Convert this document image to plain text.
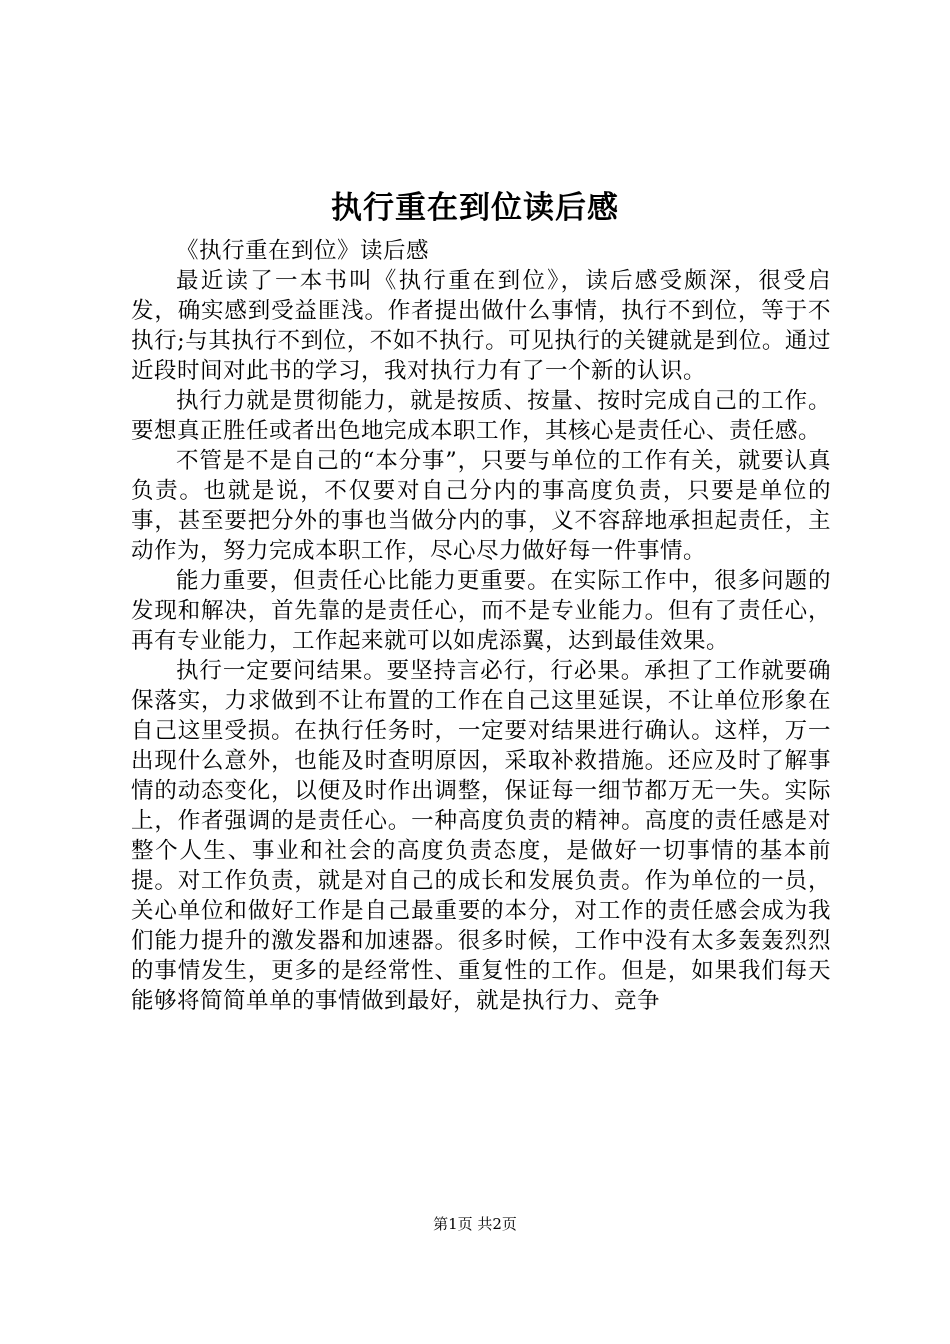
执行重在到位读后感

《执行重在到位》读后感

最近读了一本书叫《执行重在到位》，读后感受颇深，很受启发，确实感到受益匪浅。作者提出做什么事情，执行不到位，等于不执行;与其执行不到位，不如不执行。可见执行的关键就是到位。通过近段时间对此书的学习，我对执行力有了一个新的认识。

执行力就是贯彻能力，就是按质、按量、按时完成自己的工作。要想真正胜任或者出色地完成本职工作，其核心是责任心、责任感。

不管是不是自己的“本分事”，只要与单位的工作有关，就要认真负责。也就是说，不仅要对自己分内的事高度负责，只要是单位的事，甚至要把分外的事也当做分内的事，义不容辞地承担起责任，主动作为，努力完成本职工作，尽心尽力做好每一件事情。

能力重要，但责任心比能力更重要。在实际工作中，很多问题的发现和解决，首先靠的是责任心，而不是专业能力。但有了责任心，再有专业能力，工作起来就可以如虎添翼，达到最佳效果。

执行一定要问结果。要坚持言必行，行必果。承担了工作就要确保落实，力求做到不让布置的工作在自己这里延误，不让单位形象在自己这里受损。在执行任务时，一定要对结果进行确认。这样，万一出现什么意外，也能及时查明原因，采取补救措施。还应及时了解事情的动态变化，以便及时作出调整，保证每一细节都万无一失。实际上，作者强调的是责任心。一种高度负责的精神。高度的责任感是对整个人生、事业和社会的高度负责态度，是做好一切事情的基本前提。对工作负责，就是对自己的成长和发展负责。作为单位的一员，关心单位和做好工作是自己最重要的本分，对工作的责任感会成为我们能力提升的激发器和加速器。很多时候，工作中没有太多轰轰烈烈的事情发生，更多的是经常性、重复性的工作。但是，如果我们每天能够将简简单单的事情做到最好，就是执行力、竞争

第1页 共2页
